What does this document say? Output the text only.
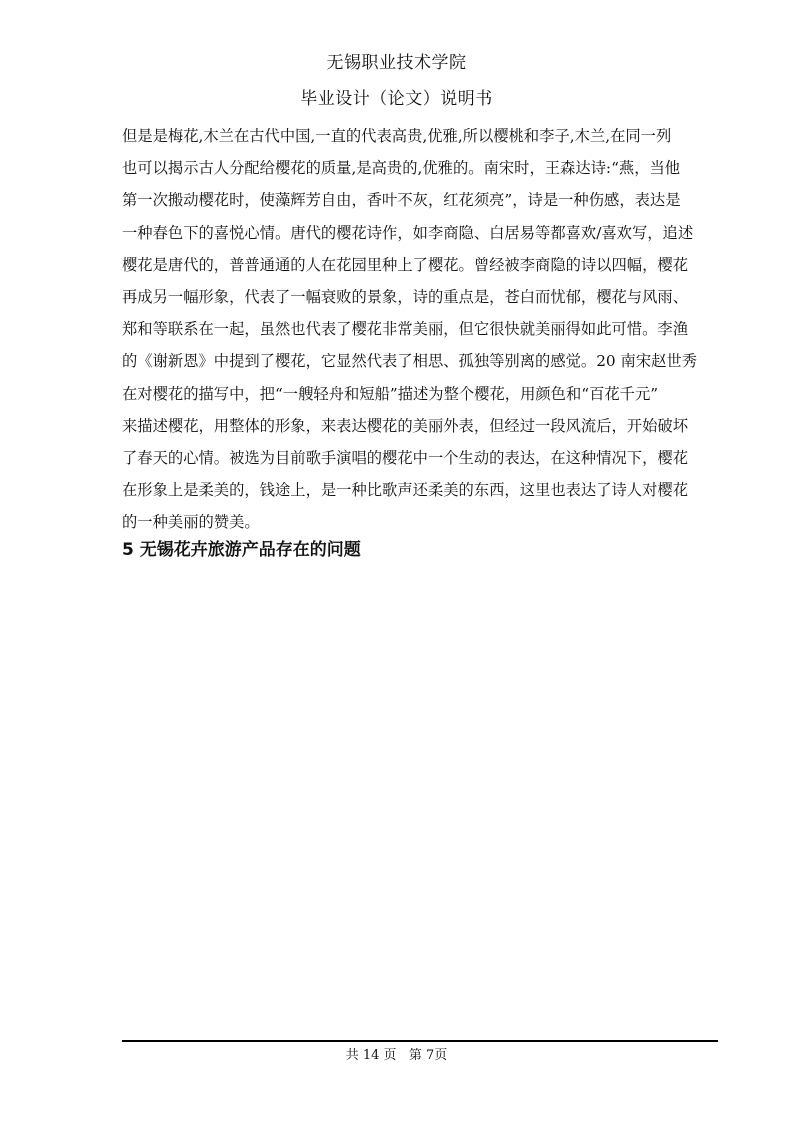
无锡职业技术学院
毕业设计（论文）说明书

但是是梅花,木兰在古代中国,一直的代表高贵,优雅,所以樱桃和李子,木兰,在同一列

也可以揭示古人分配给樱花的质量,是高贵的,优雅的。南宋时，王森达诗:“燕，当他

第一次搬动樱花时，使藻辉芳自由，香叶不灰，红花须亮”，诗是一种伤感，表达是

一种春色下的喜悦心情。唐代的樱花诗作，如李商隐、白居易等都喜欢/喜欢写，追述

樱花是唐代的，普普通通的人在花园里种上了樱花。曾经被李商隐的诗以四幅，樱花

再成另一幅形象，代表了一幅衰败的景象，诗的重点是，苍白而忧郁，樱花与风雨、

郑和等联系在一起，虽然也代表了樱花非常美丽，但它很快就美丽得如此可惜。李渔

的《谢新恩》中提到了樱花，它显然代表了相思、孤独等别离的感觉。20 南宋赵世秀

在对樱花的描写中，把“一艘轻舟和短船”描述为整个樱花，用颜色和“百花千元”

来描述樱花，用整体的形象，来表达樱花的美丽外表，但经过一段风流后，开始破坏

了春天的心情。被选为目前歌手演唱的樱花中一个生动的表达，在这种情况下，樱花

在形象上是柔美的，钱途上，是一种比歌声还柔美的东西，这里也表达了诗人对樱花

的一种美丽的赞美。

5 无锡花卉旅游产品存在的问题
共 14 页   第 7页
